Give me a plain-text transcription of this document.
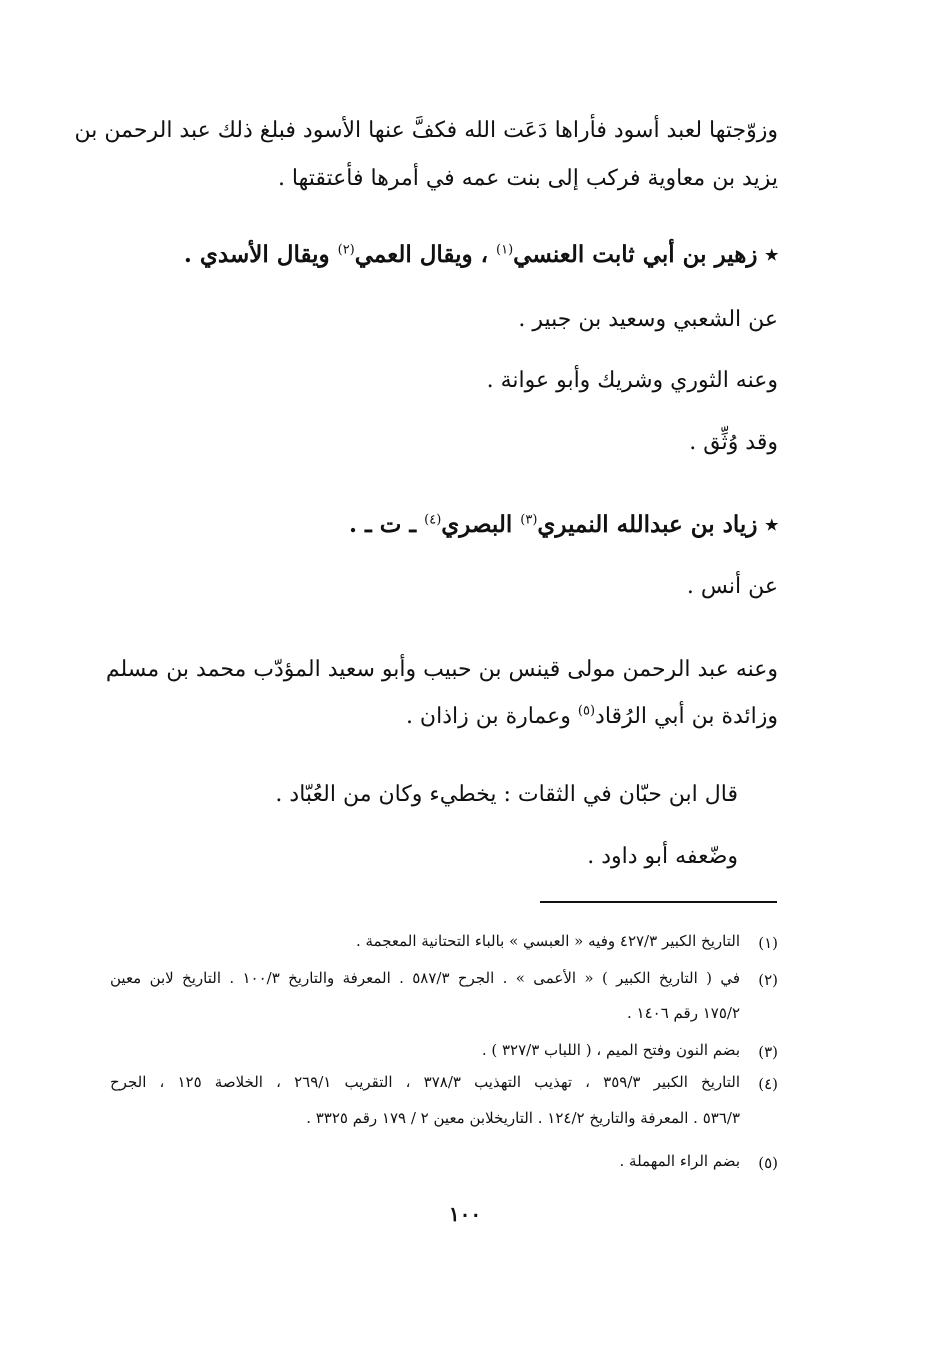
وزوّجتها لعبد أسود فأراها دَعَت الله فكفَّ عنها الأسود فبلغ ذلك عبد الرحمن بن

يزيد بن معاوية فركب إلى بنت عمه في أمرها فأعتقتها .

٭ زهير بن أبي ثابت العنسي$^{(١)}$ ، ويقال العمي$^{(٢)}$ ويقال الأسدي .

عن الشعبي وسعيد بن جبير .

وعنه الثوري وشريك وأبو عوانة .

وقد وُثِّق .

٭ زياد بن عبدالله النميري$^{(٣)}$ البصري$^{(٤)}$ ـ ت ـ .

عن أنس .

وعنه عبد الرحمن مولى قينس بن حبيب وأبو سعيد المؤدّب محمد بن مسلم

وزائدة بن أبي الرُقاد$^{(٥)}$ وعمارة بن زاذان .

قال ابن حبّان في الثقات : يخطيء وكان من العُبّاد .

وضّعفه أبو داود .

(١)

التاريخ الكبير ٤٢٧/٣ وفيه « العبسي » بالباء التحتانية المعجمة .

(٢)

في ( التاريخ الكبير ) « الأعمى » . الجرح ٥٨٧/٣ . المعرفة والتاريخ ١٠٠/٣ . التاريخ لابن معين

١٧٥/٢ رقم ١٤٠٦ .

(٣)

بضم النون وفتح الميم ، ( اللباب ٣٢٧/٣ ) .

(٤)

التاريخ الكبير ٣٥٩/٣ ، تهذيب التهذيب ٣٧٨/٣ ، التقريب ٢٦٩/١ ، الخلاصة ١٢٥ ، الجرح

٥٣٦/٣ . المعرفة والتاريخ ١٢٤/٢ . التاريخلابن معين ٢ / ١٧٩ رقم ٣٣٢٥ .

(٥)

بضم الراء المهملة .

١٠٠
